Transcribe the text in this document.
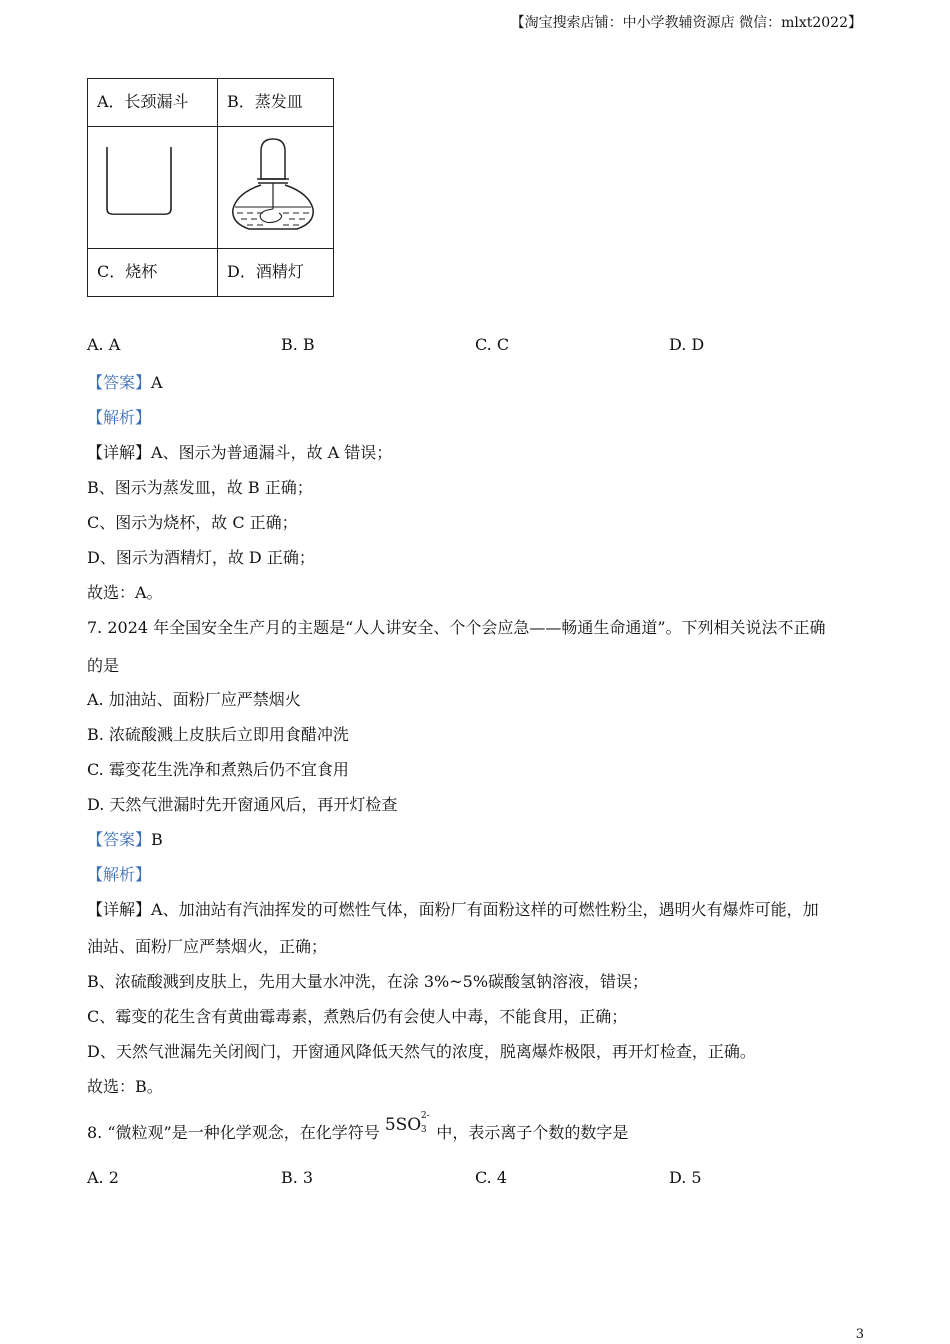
【淘宝搜索店铺：中小学教辅资源店 微信：mlxt2022】
A．长颈漏斗	B．蒸发皿

C．烧杯	D．酒精灯
A. A	B. B	C. C	D. D
【答案】A
【解析】
【详解】A、图示为普通漏斗，故 A 错误；
B、图示为蒸发皿，故 B 正确；
C、图示为烧杯，故 C 正确；
D、图示为酒精灯，故 D 正确；
故选：A。
7. 2024 年全国安全生产月的主题是“人人讲安全、个个会应急——畅通生命通道”。下列相关说法不正确
的是
A. 加油站、面粉厂应严禁烟火
B. 浓硫酸溅上皮肤后立即用食醋冲洗
C. 霉变花生洗净和煮熟后仍不宜食用
D. 天然气泄漏时先开窗通风后，再开灯检查
【答案】B
【解析】
【详解】A、加油站有汽油挥发的可燃性气体，面粉厂有面粉这样的可燃性粉尘，遇明火有爆炸可能，加
油站、面粉厂应严禁烟火，正确；
B、浓硫酸溅到皮肤上，先用大量水冲洗，在涂 3%~5%碳酸氢钠溶液，错误；
C、霉变的花生含有黄曲霉毒素，煮熟后仍有会使人中毒，不能食用，正确；
D、天然气泄漏先关闭阀门，开窗通风降低天然气的浓度，脱离爆炸极限，再开灯检查，正确。
故选：B。
8. “微粒观”是一种化学观念，在化学符号 5SO 2-
3 中，表示离子个数的数字是
A. 2	B. 3	C. 4	D. 5
3
